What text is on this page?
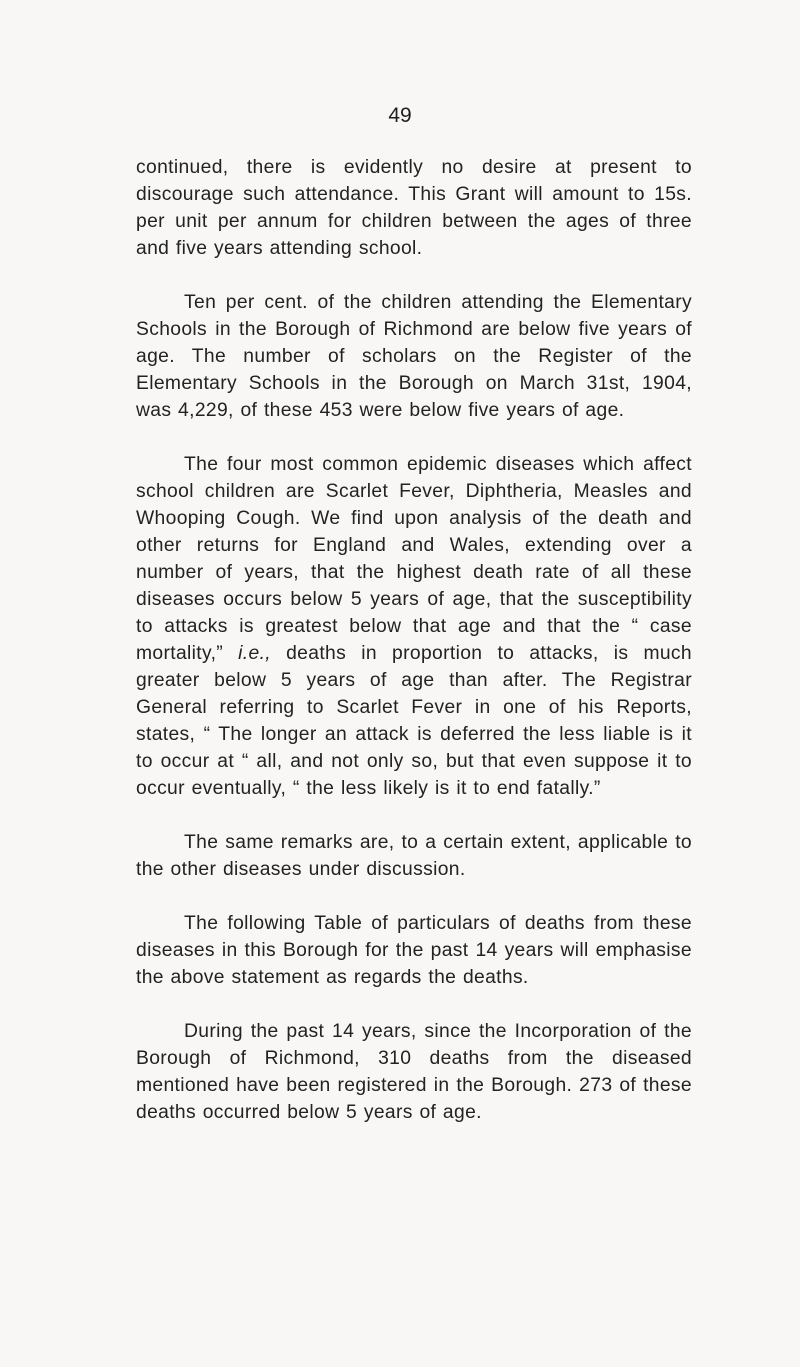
49

continued, there is evidently no desire at present to discourage such attendance. This Grant will amount to 15s. per unit per annum for children between the ages of three and five years attending school.

Ten per cent. of the children attending the Elementary Schools in the Borough of Richmond are below five years of age. The number of scholars on the Register of the Elementary Schools in the Borough on March 31st, 1904, was 4,229, of these 453 were below five years of age.

The four most common epidemic diseases which affect school children are Scarlet Fever, Diphtheria, Measles and Whooping Cough. We find upon analysis of the death and other returns for England and Wales, extending over a number of years, that the highest death rate of all these diseases occurs below 5 years of age, that the susceptibility to attacks is greatest below that age and that the “ case mortality,” i.e., deaths in proportion to attacks, is much greater below 5 years of age than after. The Registrar General referring to Scarlet Fever in one of his Reports, states, “ The longer an attack is deferred the less liable is it to occur at “ all, and not only so, but that even suppose it to occur eventually, “ the less likely is it to end fatally.”

The same remarks are, to a certain extent, applicable to the other diseases under discussion.

The following Table of particulars of deaths from these diseases in this Borough for the past 14 years will emphasise the above statement as regards the deaths.

During the past 14 years, since the Incorporation of the Borough of Richmond, 310 deaths from the diseased mentioned have been registered in the Borough. 273 of these deaths occurred below 5 years of age.
